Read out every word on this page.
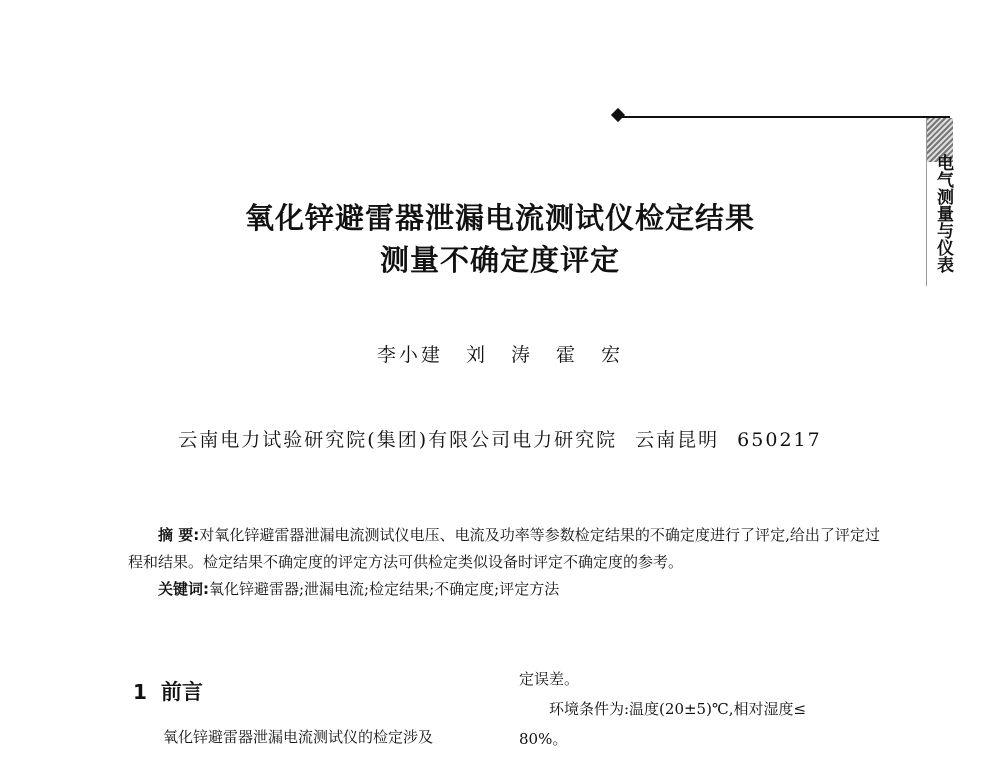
电气测量与仪表
氧化锌避雷器泄漏电流测试仪检定结果
测量不确定度评定
李小建 刘 涛 霍 宏
云南电力试验研究院(集团)有限公司电力研究院 云南昆明 650217

摘 要:对氧化锌避雷器泄漏电流测试仪电压、电流及功率等参数检定结果的不确定度进行了评定,给出了评定过程和结果。检定结果不确定度的评定方法可供检定类似设备时评定不确定度的参考。

关键词:氧化锌避雷器;泄漏电流;检定结果;不确定度;评定方法

1 前言
氧化锌避雷器泄漏电流测试仪的检定涉及

定误差。

环境条件为:温度(20±5)℃,相对湿度≤

80%。
